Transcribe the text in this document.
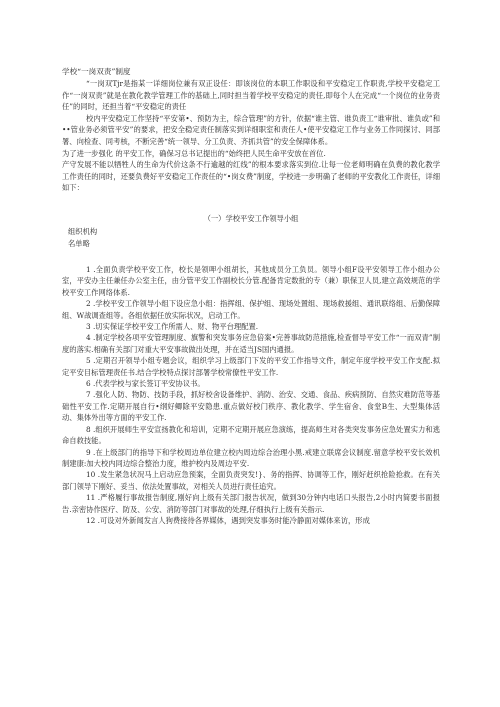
学校“一岗双责”制度

“一岗双Tjr是指某一详细岗位兼有双正设任：即该岗位的本职工作职设和平安稳定工作职责,学校平安稳定工作“一岗双责”就是在教化教学管理工作的基础上,同时担当着学校平安稳定的责任,即每个人在完成“一个岗位的业务责任”的同时，还担当着“平安稳定的责任

校内平安稳定工作坚持“平安第•、预防为主，综合管理”的方针，依据“谁主管、谁负责工“谁审批、谁负或”和••管业务必须管平安”的要求，把安全稳定责任制落实到详细职室和责任人•使平安稳定工作与业务工作同探讨、同部署、向检查、同考核，不断完善“统一领导、分工负责、齐抓共管”的安全保障体系。

为了进一步强化 的平安工作，确保习总书记提出的“始终把人民生命平安放在首位.

产守发展不能以牺牲人的生命为代价这条不行逾越的红线”的根本要求落实到位.让每一位老师明确在负费的教化教学工作责任的同时，还要负费好平安稳定工作责任的“•岗女费”制度，学校进一步明确了老师的平安教化工作责任，详细如下：

（一）学校平安工作领导小组

组织机构

名单略

1 .全面负责学校平安工作，校长是领呷小组胡长，其他成员分工负员。领导小组F设平安领导工作小组办公室，平安办主任兼任办公室主任，由分管平安工作副校长分管.配备肯定数批的专（兼）职保卫人员,建立高效规范的学校平安工作网络体系.

2 .学校平安工作领导小组下设应急小组：指挥组、保护组、现场处置组、现场救援组、通讯联络组、后勤保障组、W战调查组等。各组依据任放实际状况，启动工作。

3 .切实保证学校平安工作所需人、财、物平台理配置.

4 .制定学校各项平安管理制度、旗警和突发事务应急倍案•完善事故防范措施,检查督导平安工作“一而双青”制度的落实.相确有关部门对重大平安事故做出处理，并在适当JS国内通报。

5 .定期召开领导小组专题会议，组织学习上级部门下发的平安工作指导文件，制定年度学校平安工作支配.拟定平安目标管理责任书.结合学校特点探讨部署学校常僚性平安工作.

6 .代表学校与家长签订平安协议书。

7 .强化人防、物防、技防手段，抓好校舍设备维护、消防、治安、交通、食品、疾病预防、自然灾难防范等基础性平安工作.定期开展自行•纲好鲫除平安隐患.重点做好校门秩序、教化教学、学生宿舍、食堂B生、大型集体活动、集体外出等方面的平安工作.

8 .组织开展师生平安宣扬教化和培训，定期不定期开展应急演练，提高师生对各类突发事务应急处置实力和逃命自救技能。

9 .在上级部门的指导下和学校周边单位建立校内周边综合治理小黑.戒建立联席会议制度.留意学校平安长效机制建康:加大校内同边综合整治力度，维护校内及周边平安.

10 .发生紧急状况马上启动应急预案，全面负责突发!}、务的指挥、协调等工作，刚好赶织抢险抢救。在有关部门领导下刚好、妥当、依法处置事故，对相关人员进行责任追究。

11 .严格履行事故报告制度,刚好向上级有关部门报告状况，做到30分钟内电话口头报告,2小时内简要书面报告.亲密协作医疗、防及、公安、消防等部门对事故的处理,仔细执行上级有关指示.

12 .可设对外新闻发言人狗费接待各界媒体，遇到突发事务时能冷静面对媒体来访，形成
